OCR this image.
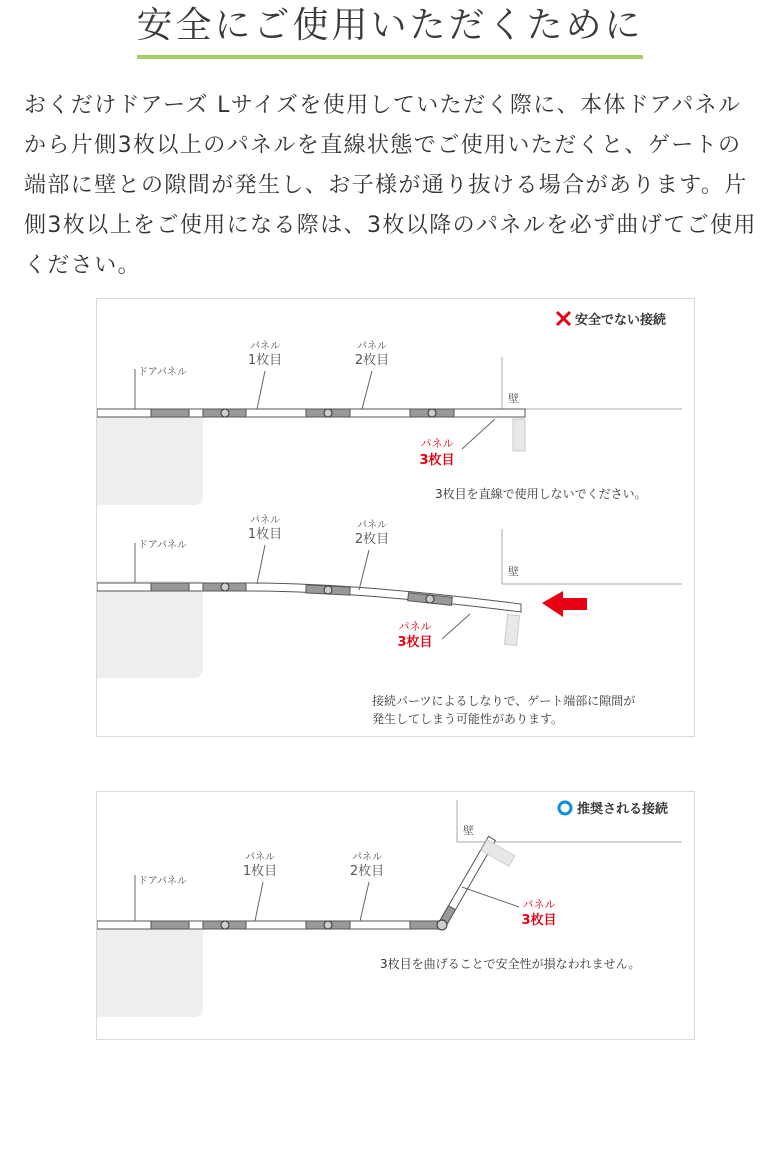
安全にご使用いただくために
おくだけドアーズ Lサイズを使用していただく際に、本体ドアパネルから片側3枚以上のパネルを直線状態でご使用いただくと、ゲートの端部に壁との隙間が発生し、お子様が通り抜ける場合があります。片側3枚以上をご使用になる際は、3枚以降のパネルを必ず曲げてご使用ください。
安全でない接続
壁
ドアパネル
パネル
1枚目
パネル
2枚目
パネル
3枚目
3枚目を直線で使用しないでください。
壁
ドアパネル
パネル
1枚目
パネル
2枚目
パネル
3枚目
接続パーツによるしなりで、ゲート端部に隙間が
発生してしまう可能性があります。
推奨される接続
壁
ドアパネル
パネル
1枚目
パネル
2枚目
パネル
3枚目
3枚目を曲げることで安全性が損なわれません。
